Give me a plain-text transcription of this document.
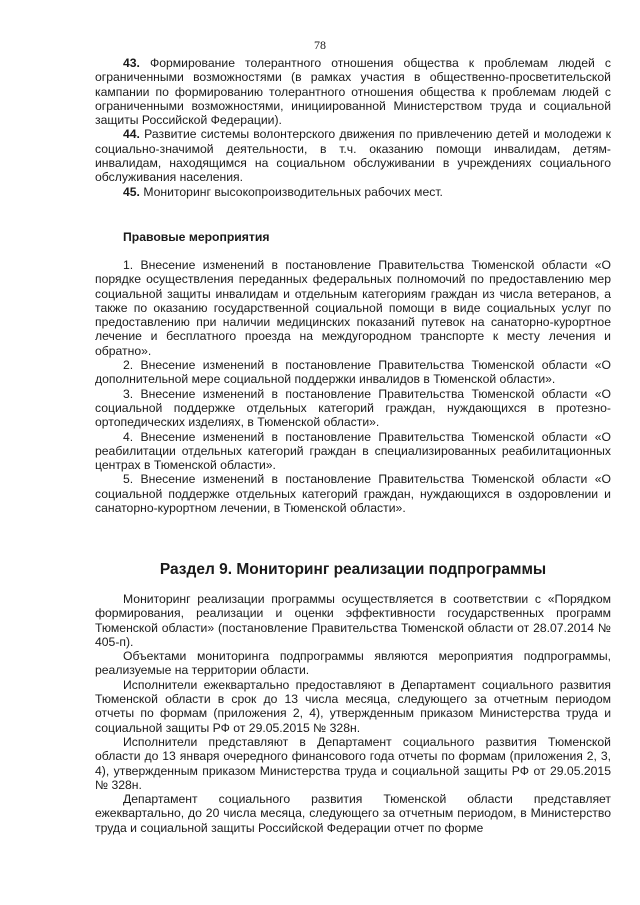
78

43. Формирование толерантного отношения общества к проблемам людей с ограниченными возможностями (в рамках участия в общественно-просветительской кампании по формированию толерантного отношения общества к проблемам людей с ограниченными возможностями, инициированной Министерством труда и социальной защиты Российской Федерации).

44. Развитие системы волонтерского движения по привлечению детей и молодежи к социально-значимой деятельности, в т.ч. оказанию помощи инвалидам, детям-инвалидам, находящимся на социальном обслуживании в учреждениях социального обслуживания населения.

45. Мониторинг высокопроизводительных рабочих мест.

Правовые мероприятия

1. Внесение изменений в постановление Правительства Тюменской области «О порядке осуществления переданных федеральных полномочий по предоставлению мер социальной защиты инвалидам и отдельным категориям граждан из числа ветеранов, а также по оказанию государственной социальной помощи в виде социальных услуг по предоставлению при наличии медицинских показаний путевок на санаторно-курортное лечение и бесплатного проезда на междугородном транспорте к месту лечения и обратно».

2. Внесение изменений в постановление Правительства Тюменской области «О дополнительной мере социальной поддержки инвалидов в Тюменской области».

3. Внесение изменений в постановление Правительства Тюменской области «О социальной поддержке отдельных категорий граждан, нуждающихся в протезно-ортопедических изделиях, в Тюменской области».

4. Внесение изменений в постановление Правительства Тюменской области «О реабилитации отдельных категорий граждан в специализированных реабилитационных центрах в Тюменской области».

5. Внесение изменений в постановление Правительства Тюменской области «О социальной поддержке отдельных категорий граждан, нуждающихся в оздоровлении и санаторно-курортном лечении, в Тюменской области».

Раздел 9. Мониторинг реализации подпрограммы

Мониторинг реализации программы осуществляется в соответствии с «Порядком формирования, реализации и оценки эффективности государственных программ Тюменской области» (постановление Правительства Тюменской области от 28.07.2014 № 405-п).

Объектами мониторинга подпрограммы являются мероприятия подпрограммы, реализуемые на территории области.

Исполнители ежеквартально предоставляют в Департамент социального развития Тюменской области в срок до 13 числа месяца, следующего за отчетным периодом отчеты по формам (приложения 2, 4), утвержденным приказом Министерства труда и социальной защиты РФ от 29.05.2015 № 328н.

Исполнители представляют в Департамент социального развития Тюменской области до 13 января очередного финансового года отчеты по формам (приложения 2, 3, 4), утвержденным приказом Министерства труда и социальной защиты РФ от 29.05.2015 № 328н.

Департамент социального развития Тюменской области представляет ежеквартально, до 20 числа месяца, следующего за отчетным периодом, в Министерство труда и социальной защиты Российской Федерации отчет по форме
